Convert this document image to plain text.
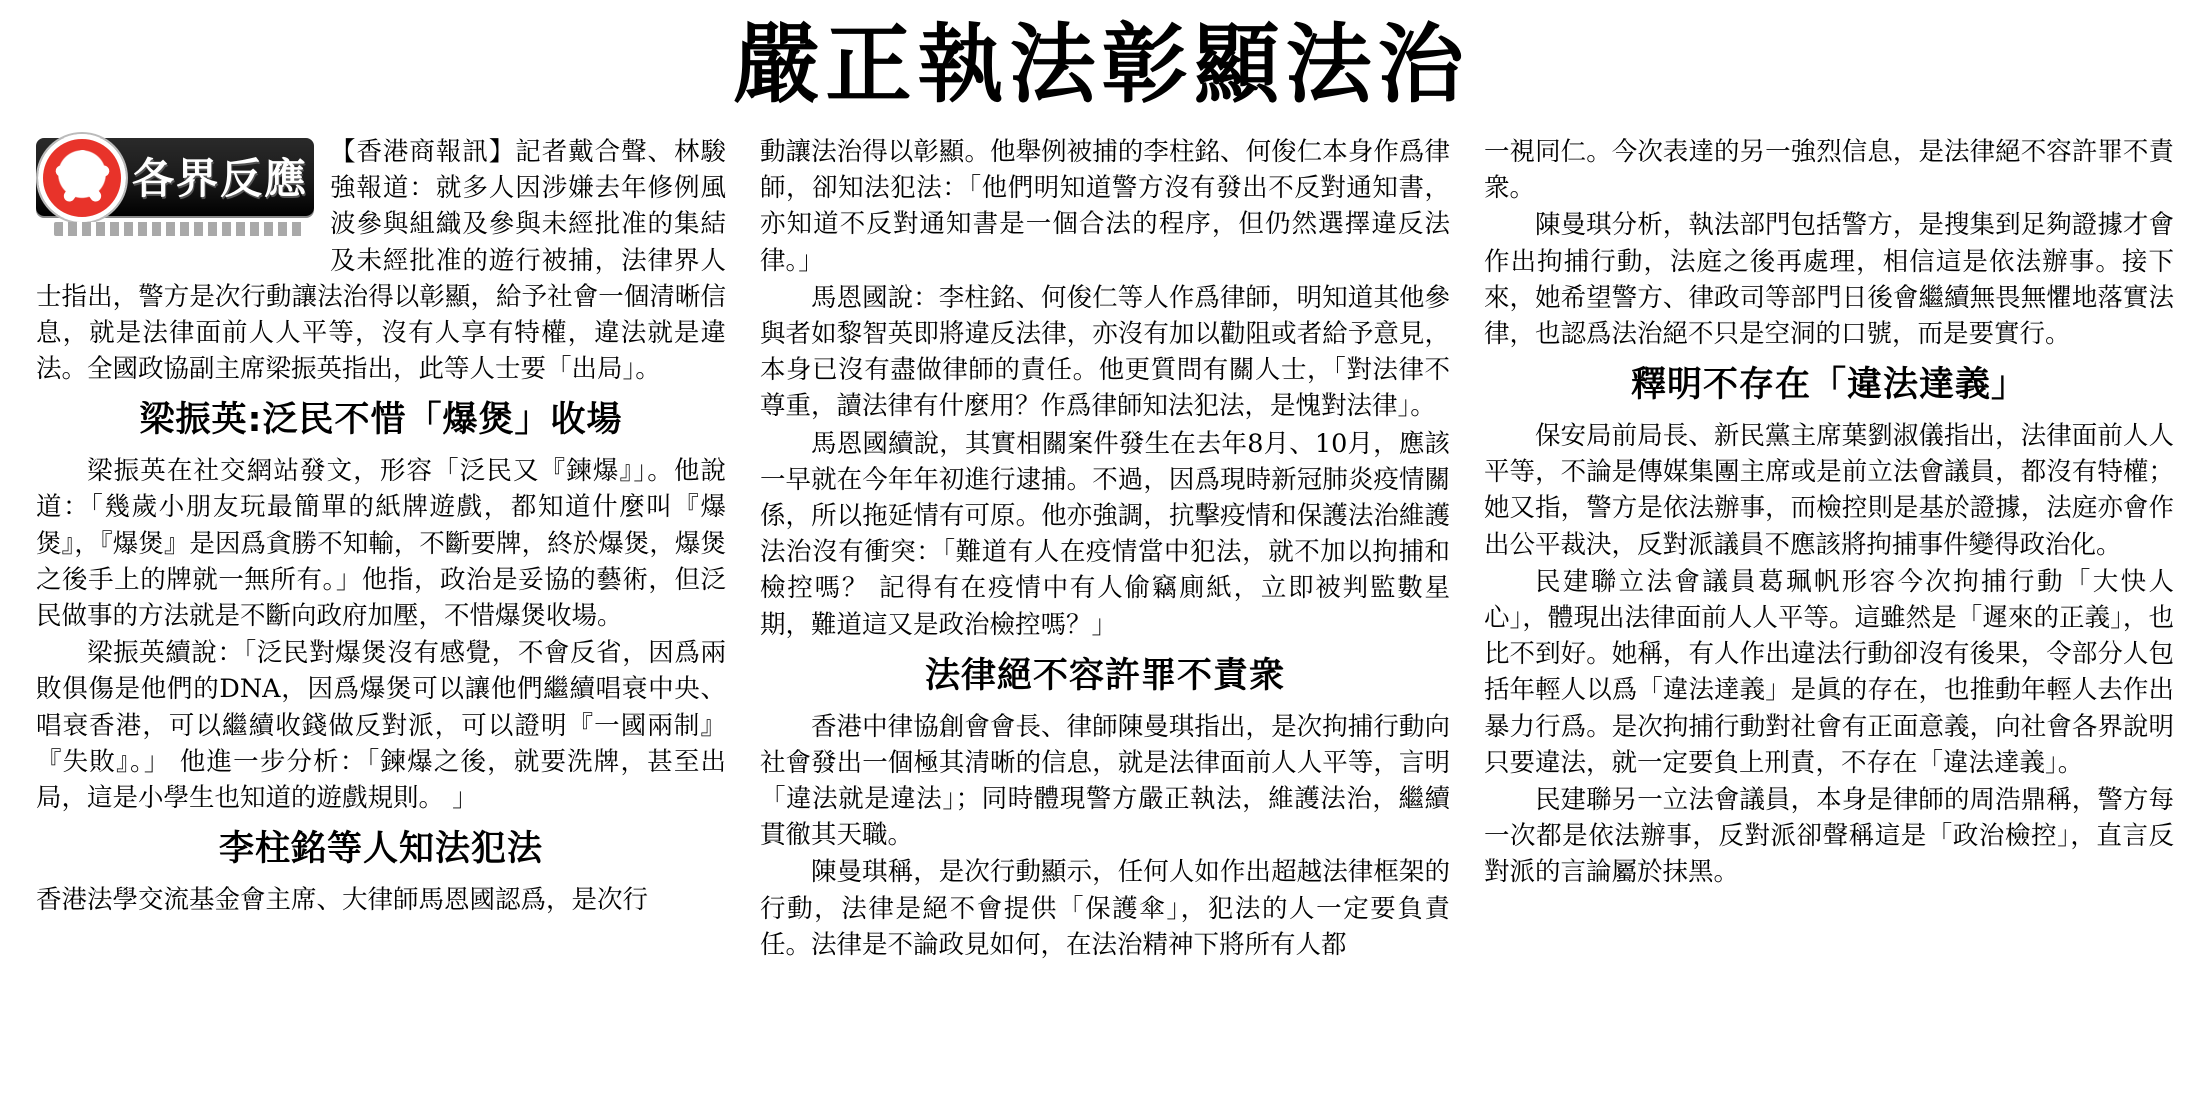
嚴正執法彰顯法治
各界反應

【香港商報訊】記者戴合聲、林駿強報道：就多人因涉嫌去年修例風波參與組織及參與未經批准的集結及未經批准的遊行被捕，法律界人士指出，警方是次行動讓法治得以彰顯，給予社會一個清晰信息，就是法律面前人人平等，沒有人享有特權，違法就是違法。全國政協副主席梁振英指出，此等人士要「出局」。

梁振英:泛民不惜「爆煲」收場

梁振英在社交網站發文，形容「泛民又『鍊爆』」。他說道：「幾歲小朋友玩最簡單的紙牌遊戲，都知道什麼叫『爆煲』，『爆煲』是因爲貪勝不知輸，不斷要牌，終於爆煲，爆煲之後手上的牌就一無所有。」他指，政治是妥協的藝術，但泛民做事的方法就是不斷向政府加壓，不惜爆煲收場。

梁振英續說：「泛民對爆煲沒有感覺，不會反省，因爲兩敗俱傷是他們的DNA，因爲爆煲可以讓他們繼續唱衰中央、唱衰香港，可以繼續收錢做反對派，可以證明『一國兩制』『失敗』。」 他進一步分析：「鍊爆之後，就要洗牌，甚至出局，這是小學生也知道的遊戲規則。 」

李柱銘等人知法犯法

香港法學交流基金會主席、大律師馬恩國認爲，是次行

動讓法治得以彰顯。他舉例被捕的李柱銘、何俊仁本身作爲律師，卻知法犯法：「他們明知道警方沒有發出不反對通知書，亦知道不反對通知書是一個合法的程序，但仍然選擇違反法律。」

馬恩國說：李柱銘、何俊仁等人作爲律師，明知道其他參與者如黎智英即將違反法律，亦沒有加以勸阻或者給予意見，本身已沒有盡做律師的責任。他更質問有關人士，「對法律不尊重，讀法律有什麼用？作爲律師知法犯法，是愧對法律」。

馬恩國續說，其實相關案件發生在去年8月、10月，應該一早就在今年年初進行逮捕。不過，因爲現時新冠肺炎疫情關係，所以拖延情有可原。他亦強調，抗擊疫情和保護法治維護法治沒有衝突：「難道有人在疫情當中犯法，就不加以拘捕和檢控嗎？ 記得有在疫情中有人偷竊廁紙，立即被判監數星期，難道這又是政治檢控嗎？」

法律絕不容許罪不責衆

香港中律協創會會長、律師陳曼琪指出，是次拘捕行動向社會發出一個極其清晰的信息，就是法律面前人人平等，言明「違法就是違法」；同時體現警方嚴正執法，維護法治，繼續貫徹其天職。

陳曼琪稱，是次行動顯示，任何人如作出超越法律框架的行動，法律是絕不會提供「保護傘」，犯法的人一定要負責任。法律是不論政見如何，在法治精神下將所有人都

一視同仁。今次表達的另一強烈信息，是法律絕不容許罪不責衆。

陳曼琪分析，執法部門包括警方，是搜集到足夠證據才會作出拘捕行動，法庭之後再處理，相信這是依法辦事。接下來，她希望警方、律政司等部門日後會繼續無畏無懼地落實法律，也認爲法治絕不只是空洞的口號，而是要實行。

釋明不存在「違法達義」

保安局前局長、新民黨主席葉劉淑儀指出，法律面前人人平等，不論是傳媒集團主席或是前立法會議員，都沒有特權；她又指，警方是依法辦事，而檢控則是基於證據，法庭亦會作出公平裁決，反對派議員不應該將拘捕事件變得政治化。

民建聯立法會議員葛珮帆形容今次拘捕行動「大快人心」，體現出法律面前人人平等。這雖然是「遲來的正義」，也比不到好。她稱，有人作出違法行動卻沒有後果，令部分人包括年輕人以爲「違法達義」是眞的存在，也推動年輕人去作出暴力行爲。是次拘捕行動對社會有正面意義，向社會各界說明只要違法，就一定要負上刑責，不存在「違法達義」。

民建聯另一立法會議員，本身是律師的周浩鼎稱，警方每一次都是依法辦事，反對派卻聲稱這是「政治檢控」，直言反對派的言論屬於抹黑。
